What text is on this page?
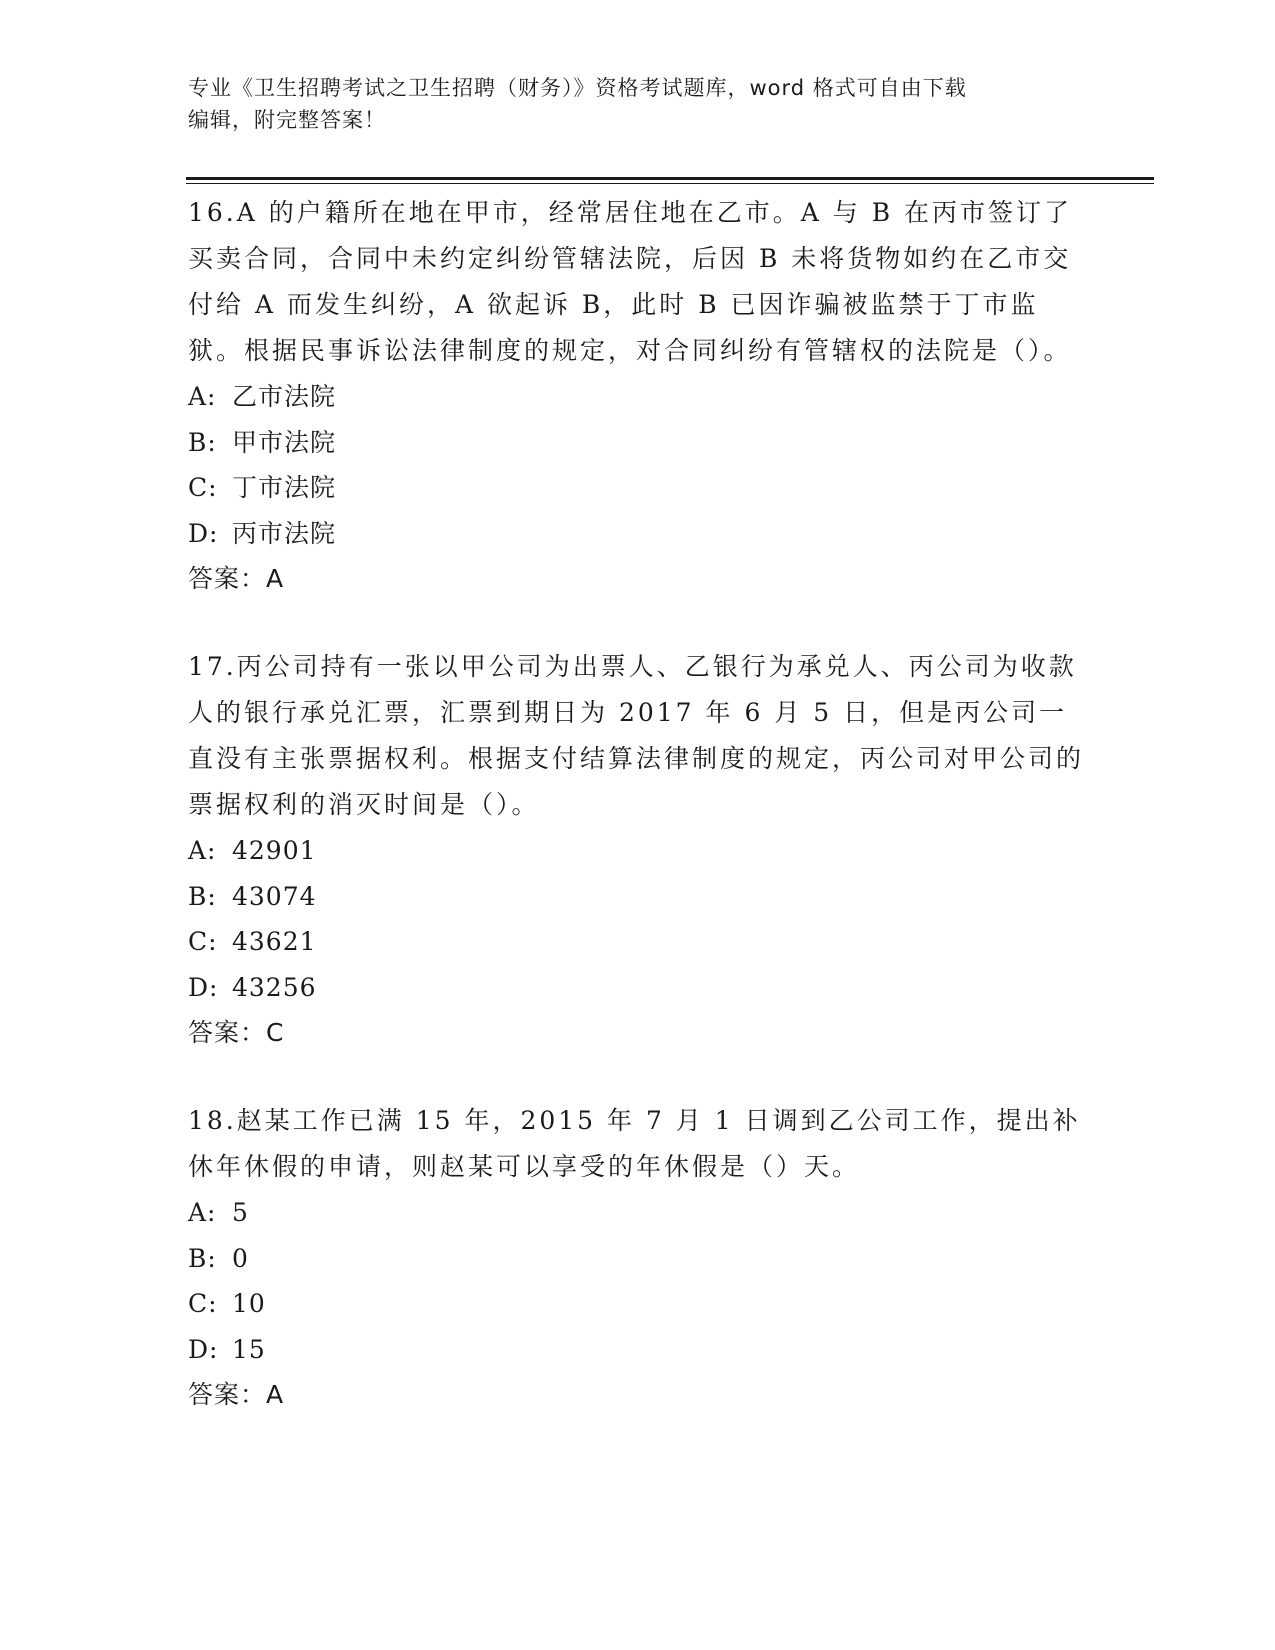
专业《卫生招聘考试之卫生招聘（财务）》资格考试题库，word 格式可自由下载
编辑，附完整答案！

16.A 的户籍所在地在甲市，经常居住地在乙市。A 与 B 在丙市签订了买卖合同，合同中未约定纠纷管辖法院，后因 B 未将货物如约在乙市交付给 A 而发生纠纷，A 欲起诉 B，此时 B 已因诈骗被监禁于丁市监狱。根据民事诉讼法律制度的规定，对合同纠纷有管辖权的法院是（）。

A: 乙市法院

B: 甲市法院

C: 丁市法院

D: 丙市法院

答案：A

17.丙公司持有一张以甲公司为出票人、乙银行为承兑人、丙公司为收款人的银行承兑汇票，汇票到期日为 2017 年 6 月 5 日，但是丙公司一直没有主张票据权利。根据支付结算法律制度的规定，丙公司对甲公司的票据权利的消灭时间是（）。

A: 42901

B: 43074

C: 43621

D: 43256

答案：C

18.赵某工作已满 15 年，2015 年 7 月 1 日调到乙公司工作，提出补休年休假的申请，则赵某可以享受的年休假是（）天。

A: 5

B: 0

C: 10

D: 15

答案：A
